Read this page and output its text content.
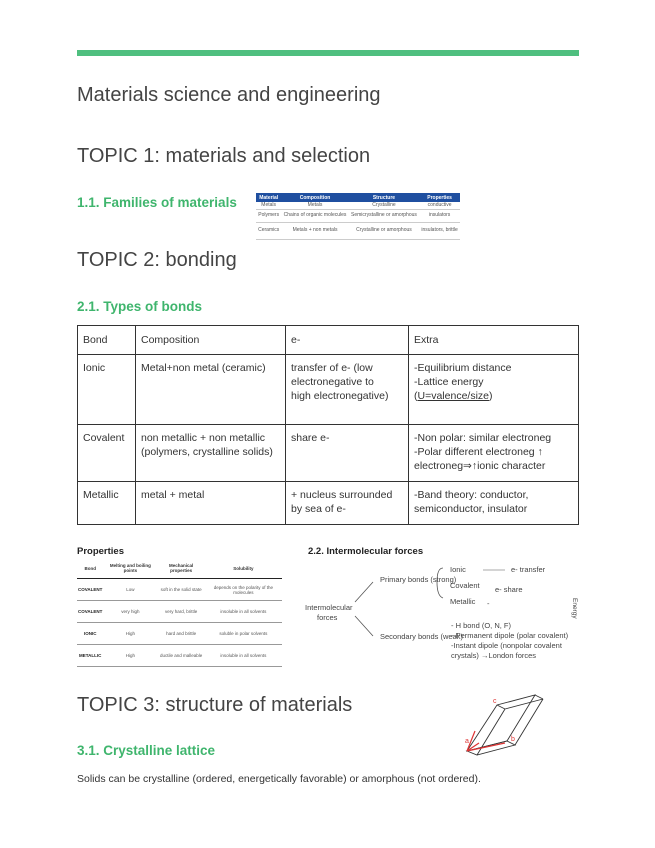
Materials science and engineering
TOPIC 1: materials and selection
1.1. Families of materials	Material	Composition	Structure	Properties
Metals	Metals	Crystalline	conductive
Polymers	Chains of organic molecules	Semicrystalline or amorphous	insulators
Ceramics	Metals + non metals	Crystalline or amorphous	insulators, brittle
TOPIC 2: bonding
2.1. Types of bonds
Bond	Composition	e-	Extra
Ionic	Metal+non metal (ceramic)	transfer of e- (low
electronegative to
high electronegative)	-Equilibrium distance
-Lattice energy
(U=valence/size)
Covalent	non metallic + non metallic (polymers, crystalline solids)	share e-	-Non polar: similar electroneg
-Polar different electroneg ↑
electroneg⇒↑ionic character
Metallic	metal + metal	+ nucleus surrounded
by sea of e-	-Band theory: conductor,
semiconductor, insulator
Properties
Bond	Melting and boiling points	Mechanical properties	Solubility
COVALENT	Low	soft in the solid state	depends on the polarity of the molecules
COVALENT	very high	very hard, brittle	insoluble in all solvents
IONIC	High	hard and brittle	soluble in polar solvents
METALLIC	High	ductile and malleable	insoluble in all solvents
2.2. Intermolecular forces
Intermolecular forces
Primary bonds (strong)
Ionic
Covalent
Metallic
e- transfer
e- share
-	Energy
Secondary bonds (weak)
- H bond (O, N, F)
- Permanent dipole (polar covalent)
-Instant dipole (nonpolar covalent
crystals) →London forces
TOPIC 3: structure of materials
3.1. Crystalline lattice
Solids can be crystalline (ordered, energetically favorable) or amorphous (not ordered).
a	b
c
